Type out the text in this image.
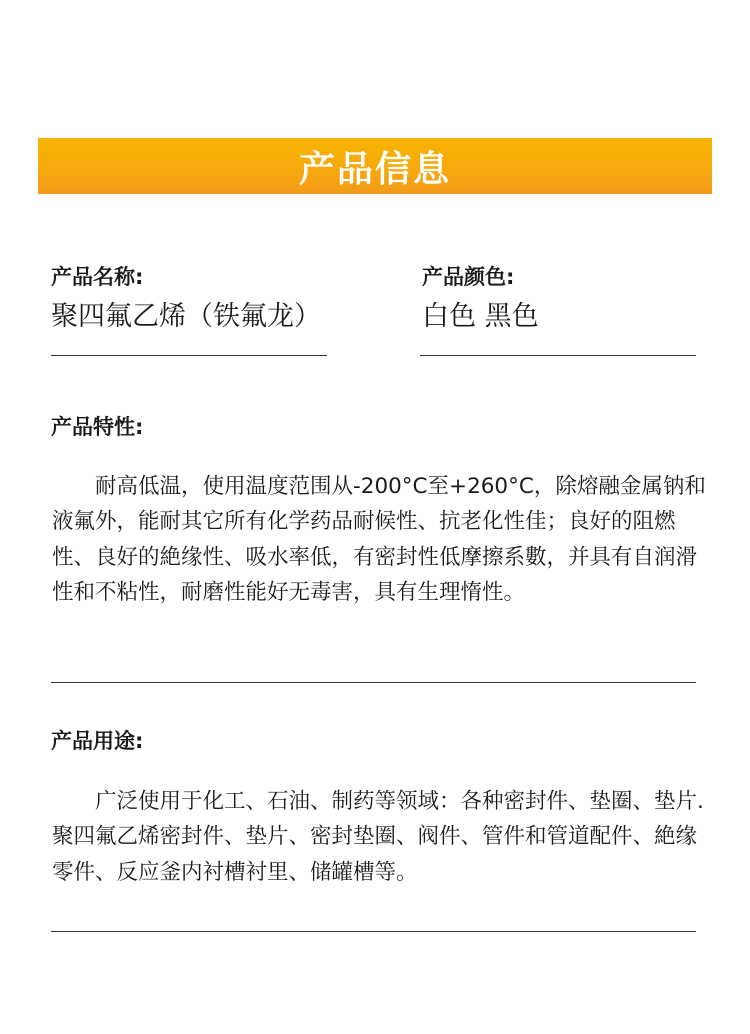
产品信息
产品名称:
聚四氟乙烯（铁氟龙）
产品颜色:
白色 黑色
产品特性:
耐高低温，使用温度范围从-200°C至+260°C，除熔融金属钠和液氟外，能耐其它所有化学药品耐候性、抗老化性佳；良好的阻燃性、良好的絶缘性、吸水率低，有密封性低摩擦系數，并具有自润滑性和不粘性，耐磨性能好无毒害，具有生理惰性。
产品用途:
广泛使用于化工、石油、制药等领域：各种密封件、垫圈、垫片. 聚四氟乙烯密封件、垫片、密封垫圈、阀件、管件和管道配件、絶缘零件、反应釜内衬槽衬里、储罐槽等。
